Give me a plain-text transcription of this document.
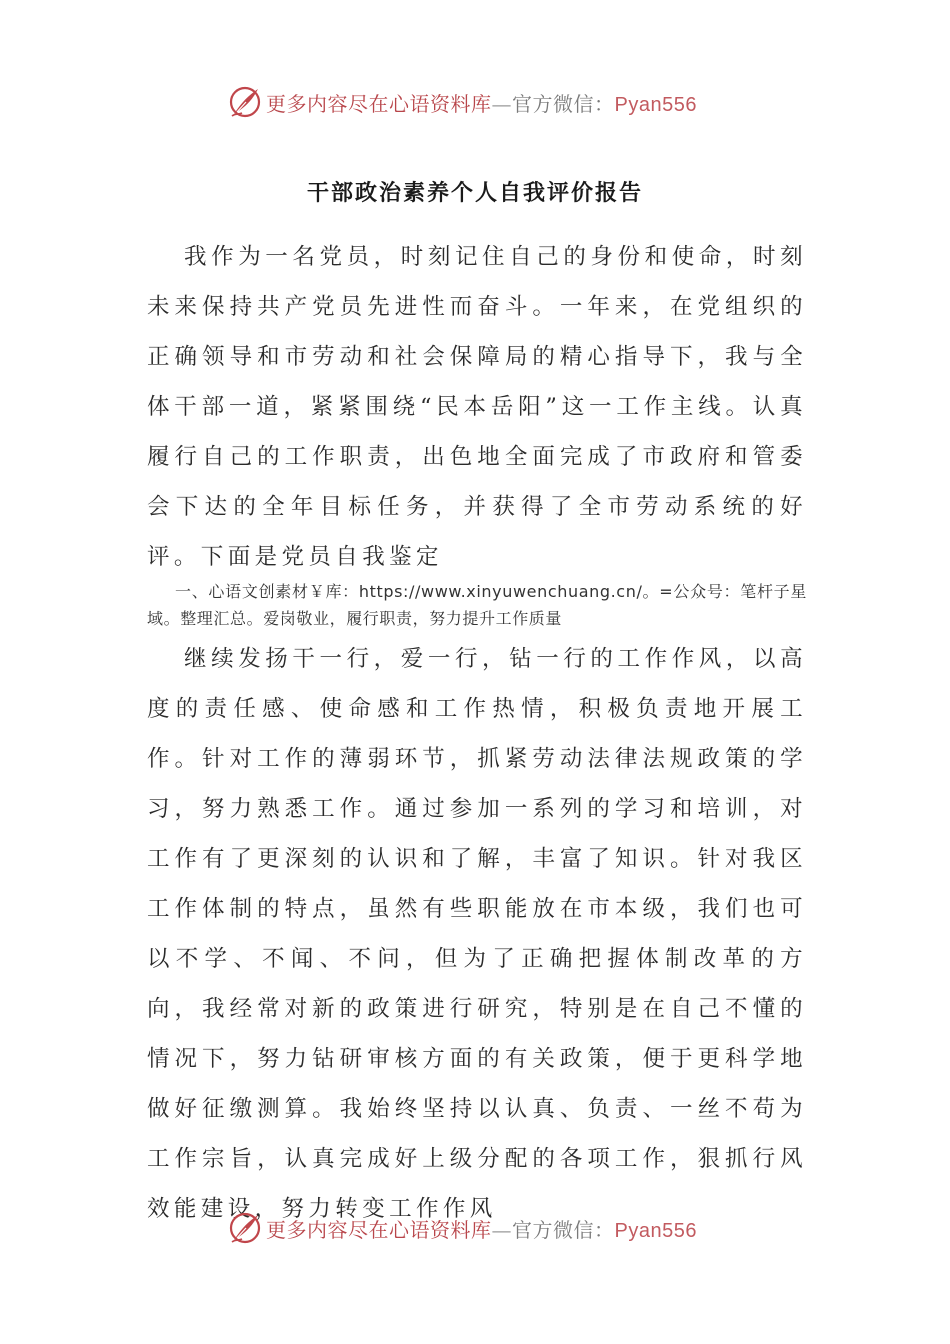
更多内容尽在心语资料库—官方微信：Pyan556
干部政治素养个人自我评价报告

我作为一名党员，时刻记住自己的身份和使命，时刻未来保持共产党员先进性而奋斗。一年来，在党组织的正确领导和市劳动和社会保障局的精心指导下，我与全体干部一道，紧紧围绕“民本岳阳”这一工作主线。认真履行自己的工作职责，出色地全面完成了市政府和管委会下达的全年目标任务，并获得了全市劳动系统的好评。下面是党员自我鉴定

一、心语文创素材￥库：https://www.xinyuwenchuang.cn/。=公众号：笔杆子星域。整理汇总。爱岗敬业，履行职责，努力提升工作质量

继续发扬干一行，爱一行，钻一行的工作作风，以高度的责任感、使命感和工作热情，积极负责地开展工作。针对工作的薄弱环节，抓紧劳动法律法规政策的学习，努力熟悉工作。通过参加一系列的学习和培训，对工作有了更深刻的认识和了解，丰富了知识。针对我区工作体制的特点，虽然有些职能放在市本级，我们也可以不学、不闻、不问，但为了正确把握体制改革的方向，我经常对新的政策进行研究，特别是在自己不懂的情况下，努力钻研审核方面的有关政策，便于更科学地做好征缴测算。我始终坚持以认真、负责、一丝不苟为工作宗旨，认真完成好上级分配的各项工作，狠抓行风效能建设，努力转变工作作风

更多内容尽在心语资料库—官方微信：Pyan556
